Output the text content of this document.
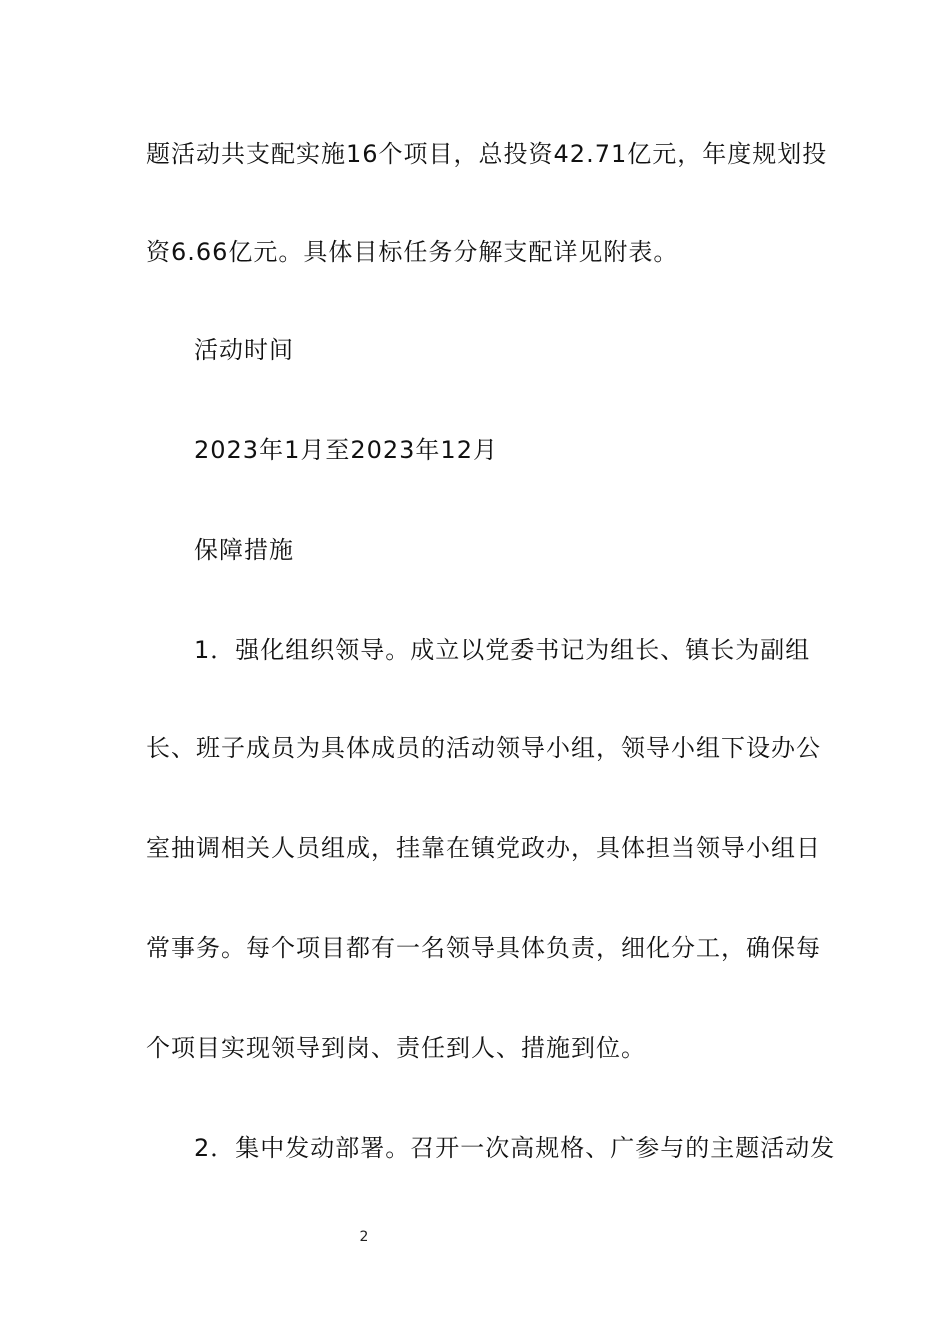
题活动共支配实施16个项目，总投资42.71亿元，年度规划投
资6.66亿元。具体目标任务分解支配详见附表。
活动时间
2023年1月至2023年12月
保障措施
1．强化组织领导。成立以党委书记为组长、镇长为副组
长、班子成员为具体成员的活动领导小组，领导小组下设办公
室抽调相关人员组成，挂靠在镇党政办，具体担当领导小组日
常事务。每个项目都有一名领导具体负责，细化分工，确保每
个项目实现领导到岗、责任到人、措施到位。
2．集中发动部署。召开一次高规格、广参与的主题活动发
2
